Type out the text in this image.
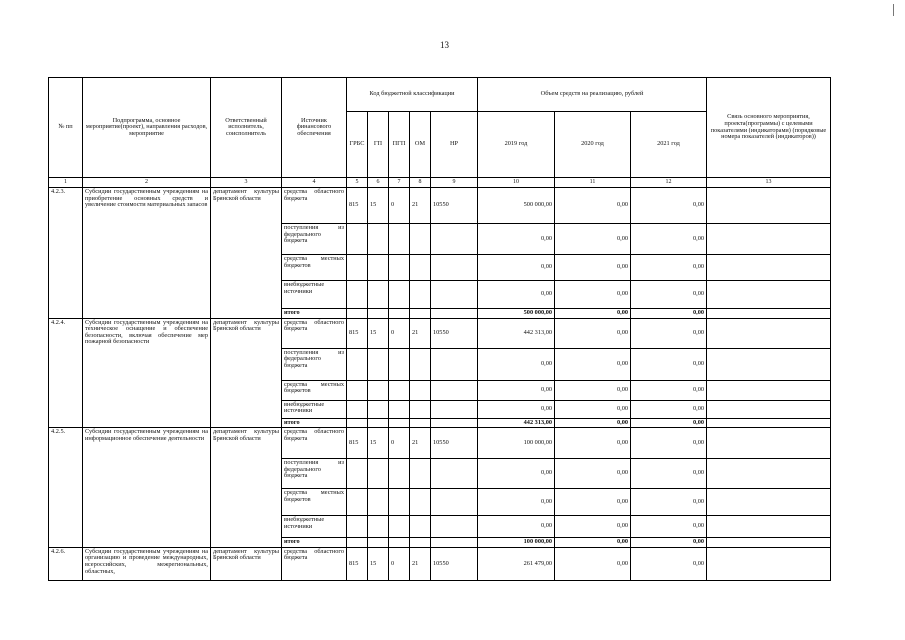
13
№ пп	Подпрограмма, основное мероприятие(проект), направления расходов, мероприятие	Ответственный исполнитель, соисполнитель	Источник финансового обеспечения	Код бюджетной классификации					Объем средств на реализацию, рублей			Связь основного мероприятия, проекта(программы) с целевыми показателями (индикаторами) (порядковые номера показателей (индикаторов))
				ГРБС	ГП	ПГП	ОМ	НР	2019 год	2020 год	2021 год	
1	2	3	4	5	6	7	8	9	10	11	12	13
4.2.3.	Субсидии государственным учреждениям на приобретение основных средств и увеличение стоимости материальных запасов	департамент культуры Брянской области	средства областного бюджета	815	15	0	21	10550	500 000,00	0,00	0,00	
			поступления из федерального бюджета						0,00	0,00	0,00	
			средства местных бюджетов						0,00	0,00	0,00	
			внебюджетные источники						0,00	0,00	0,00	
			итого						500 000,00	0,00	0,00	
4.2.4.	Субсидии государственным учреждениям на техническое оснащение и обеспечение безопасности, включая обеспечение мер пожарной безопасности	департамент культуры Брянской области	средства областного бюджета	815	15	0	21	10550	442 313,00	0,00	0,00	
			поступления из федерального бюджета						0,00	0,00	0,00	
			средства местных бюджетов						0,00	0,00	0,00	
			внебюджетные источники						0,00	0,00	0,00	
			итого						442 313,00	0,00	0,00	
4.2.5.	Субсидии государственным учреждениям на информационное обеспечение деятельности	департамент культуры Брянской области	средства областного бюджета	815	15	0	21	10550	100 000,00	0,00	0,00	
			поступления из федерального бюджета						0,00	0,00	0,00	
			средства местных бюджетов						0,00	0,00	0,00	
			внебюджетные источники						0,00	0,00	0,00	
			итого						100 000,00	0,00	0,00	
4.2.6.	Субсидии государственным учреждениям на организацию и проведение международных, всероссийских, межрегиональных, областных,	департамент культуры Брянской области	средства областного бюджета	815	15	0	21	10550	261 479,00	0,00	0,00	
